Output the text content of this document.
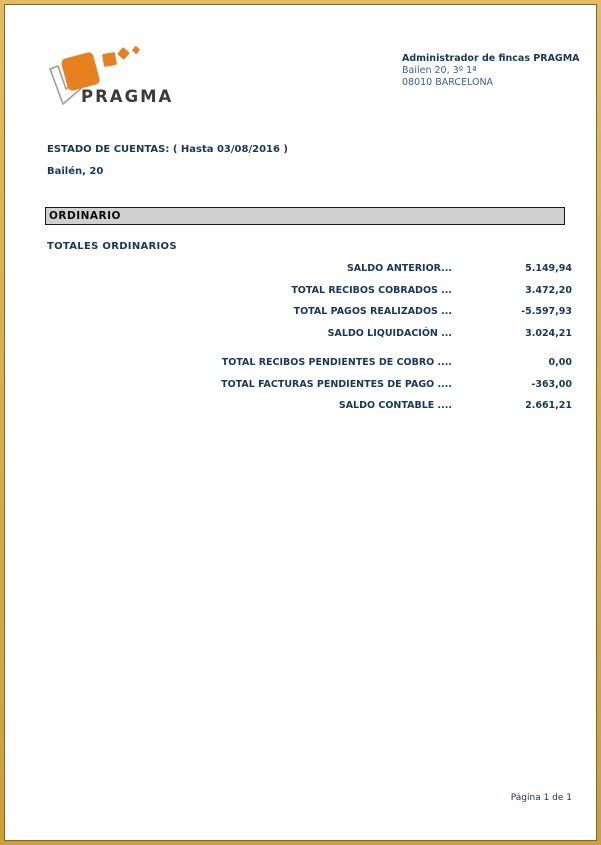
PRAGMA
Administrador de fincas PRAGMA
Bailen 20, 3º 1ª
08010 BARCELONA
ESTADO DE CUENTAS: ( Hasta 03/08/2016 )
Bailén, 20
ORDINARIO
TOTALES ORDINARIOS
SALDO ANTERIOR...	5.149,94
TOTAL RECIBOS COBRADOS ...	3.472,20
TOTAL PAGOS REALIZADOS ...	-5.597,93
SALDO LIQUIDACIÓN ...	3.024,21
TOTAL RECIBOS PENDIENTES DE COBRO ....	0,00
TOTAL FACTURAS PENDIENTES DE PAGO ....	-363,00
SALDO CONTABLE ....	2.661,21
Página 1 de 1
